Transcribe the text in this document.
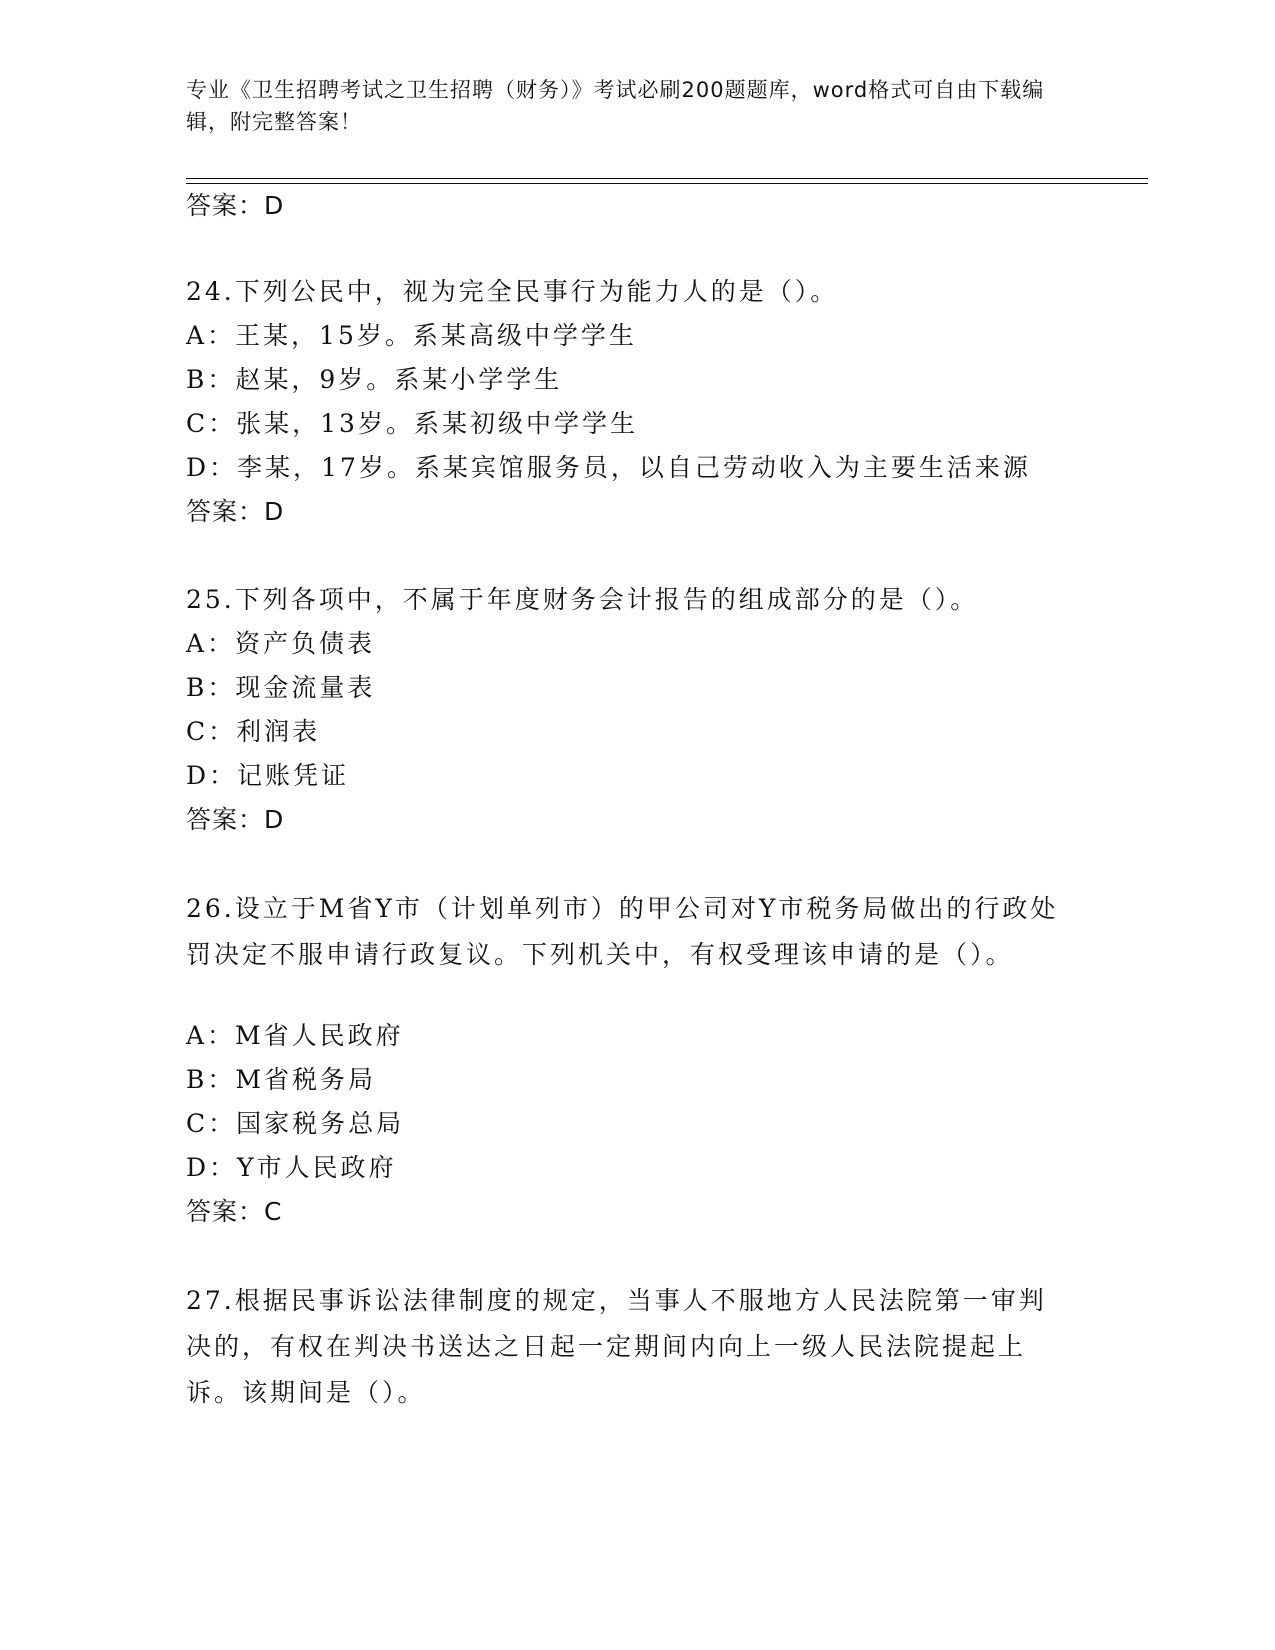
专业《卫生招聘考试之卫生招聘（财务）》考试必刷200题题库，word格式可自由下载编辑，附完整答案！
答案：D
24.下列公民中，视为完全民事行为能力人的是（）。
A：王某，15岁。系某高级中学学生
B：赵某，9岁。系某小学学生
C：张某，13岁。系某初级中学学生
D：李某，17岁。系某宾馆服务员，以自己劳动收入为主要生活来源
答案：D
25.下列各项中，不属于年度财务会计报告的组成部分的是（）。
A：资产负债表
B：现金流量表
C：利润表
D：记账凭证
答案：D
26.设立于M省Y市（计划单列市）的甲公司对Y市税务局做出的行政处罚决定不服申请行政复议。下列机关中，有权受理该申请的是（）。
A：M省人民政府
B：M省税务局
C：国家税务总局
D：Y市人民政府
答案：C
27.根据民事诉讼法律制度的规定，当事人不服地方人民法院第一审判决的，有权在判决书送达之日起一定期间内向上一级人民法院提起上诉。该期间是（）。
